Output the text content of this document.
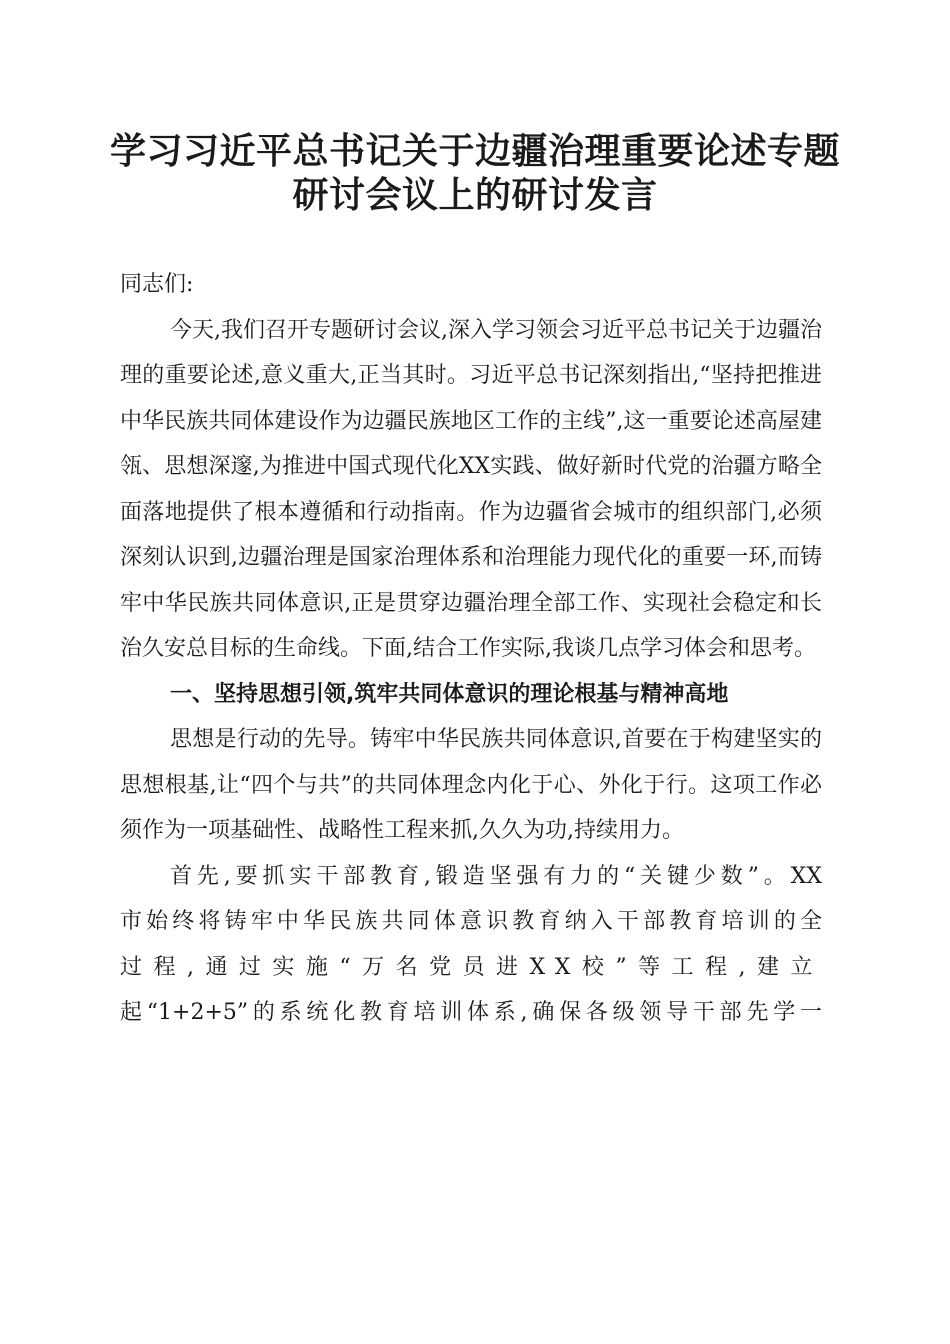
学习习近平总书记关于边疆治理重要论述专题
研讨会议上的研讨发言

同志们:

今天,我们召开专题研讨会议,深入学习领会习近平总书记关于边疆治理的重要论述,意义重大,正当其时。习近平总书记深刻指出,“坚持把推进中华民族共同体建设作为边疆民族地区工作的主线”,这一重要论述高屋建瓴、思想深邃,为推进中国式现代化XX实践、做好新时代党的治疆方略全面落地提供了根本遵循和行动指南。作为边疆省会城市的组织部门,必须深刻认识到,边疆治理是国家治理体系和治理能力现代化的重要一环,而铸牢中华民族共同体意识,正是贯穿边疆治理全部工作、实现社会稳定和长治久安总目标的生命线。下面,结合工作实际,我谈几点学习体会和思考。

一、坚持思想引领,筑牢共同体意识的理论根基与精神高地

思想是行动的先导。铸牢中华民族共同体意识,首要在于构建坚实的思想根基,让“四个与共”的共同体理念内化于心、外化于行。这项工作必须作为一项基础性、战略性工程来抓,久久为功,持续用力。

首先,要抓实干部教育,锻造坚强有力的“关键少数”。XX

市始终将铸牢中华民族共同体意识教育纳入干部教育培训的全

过程,通过实施“万名党员进XX校”等工程,建立

起“1+2+5”的系统化教育培训体系,确保各级领导干部先学一
